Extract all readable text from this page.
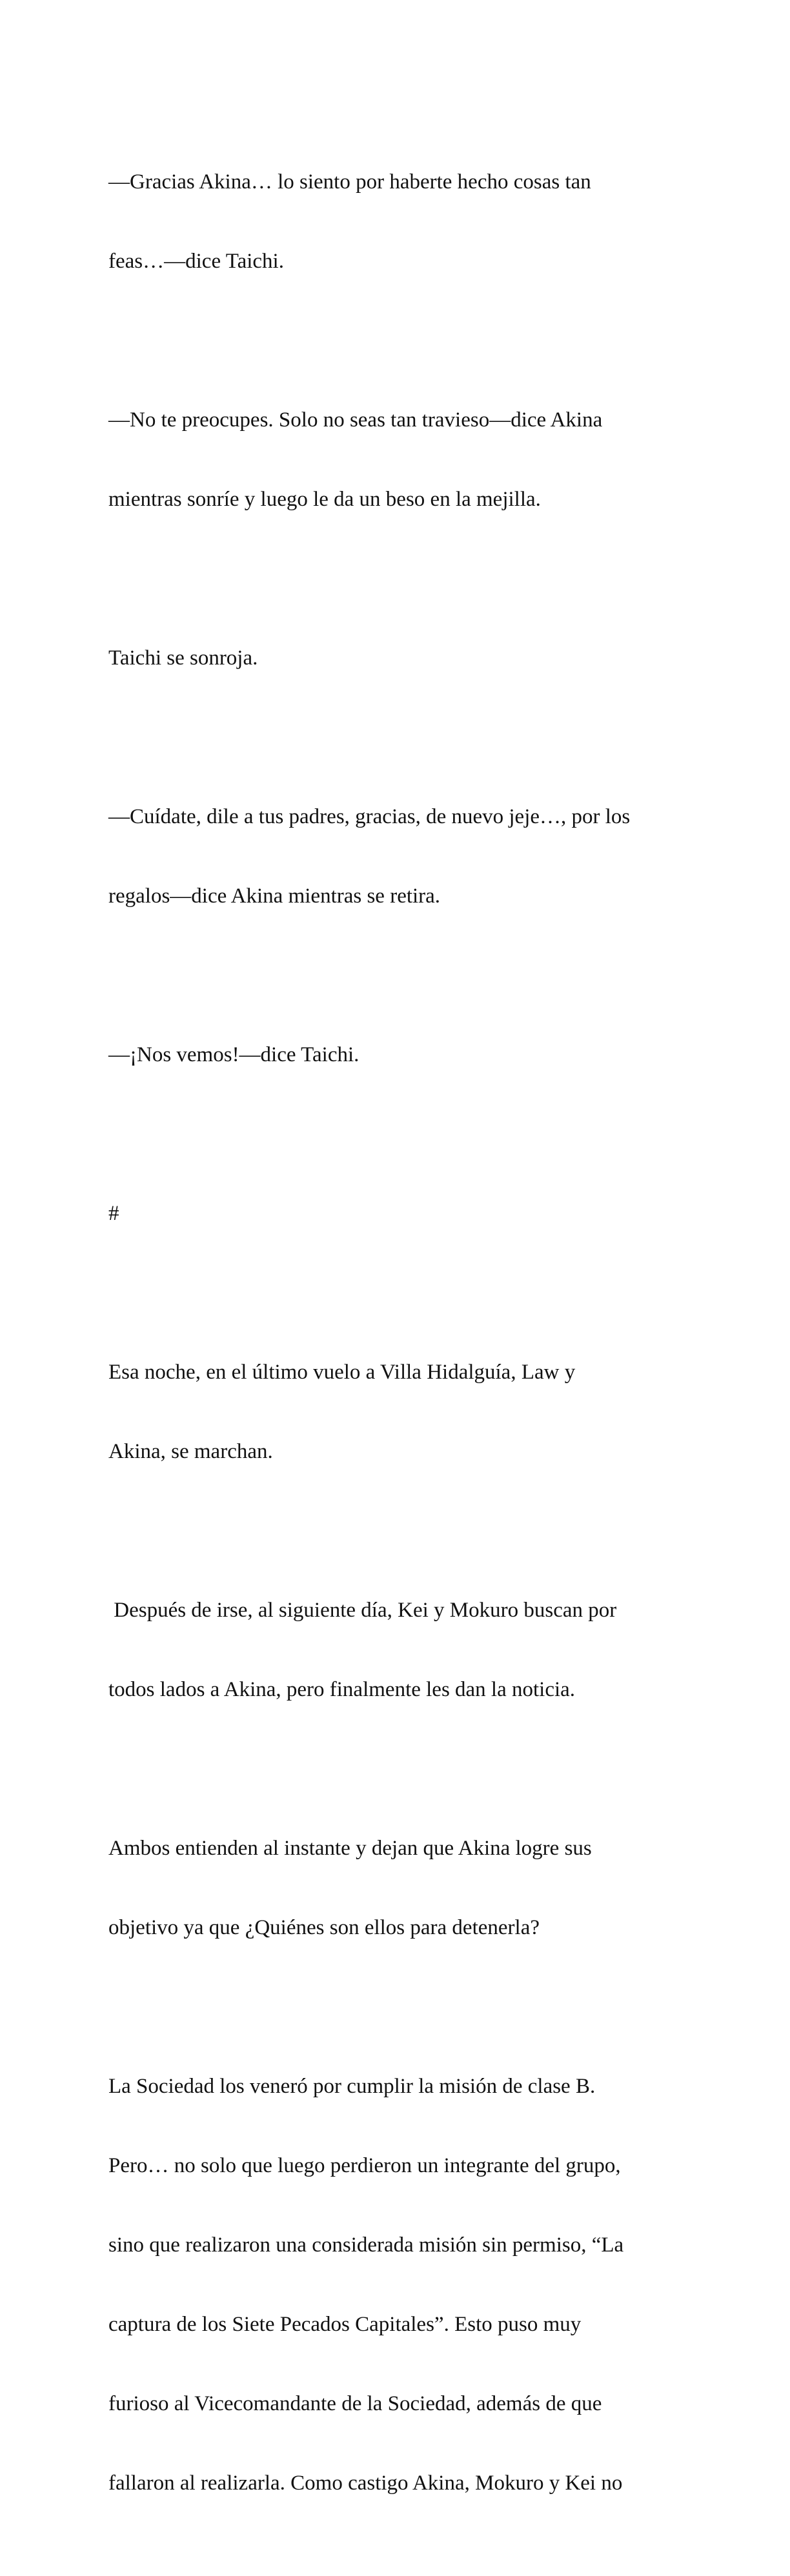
—Gracias Akina… lo siento por haberte hecho cosas tan

feas…—dice Taichi.

—No te preocupes. Solo no seas tan travieso—dice Akina

mientras sonríe y luego le da un beso en la mejilla.

Taichi se sonroja.

—Cuídate, dile a tus padres, gracias, de nuevo jeje…, por los

regalos—dice Akina mientras se retira.

—¡Nos vemos!—dice Taichi.

#

Esa noche, en el último vuelo a Villa Hidalguía, Law y

Akina, se marchan.

Después de irse, al siguiente día, Kei y Mokuro buscan por

todos lados a Akina, pero finalmente les dan la noticia.

Ambos entienden al instante y dejan que Akina logre sus

objetivo ya que ¿Quiénes son ellos para detenerla?

La Sociedad los veneró por cumplir la misión de clase B.

Pero… no solo que luego perdieron un integrante del grupo,

sino que realizaron una considerada misión sin permiso, “La

captura de los Siete Pecados Capitales”. Esto puso muy

furioso al Vicecomandante de la Sociedad, además de que

fallaron al realizarla. Como castigo Akina, Mokuro y Kei no
